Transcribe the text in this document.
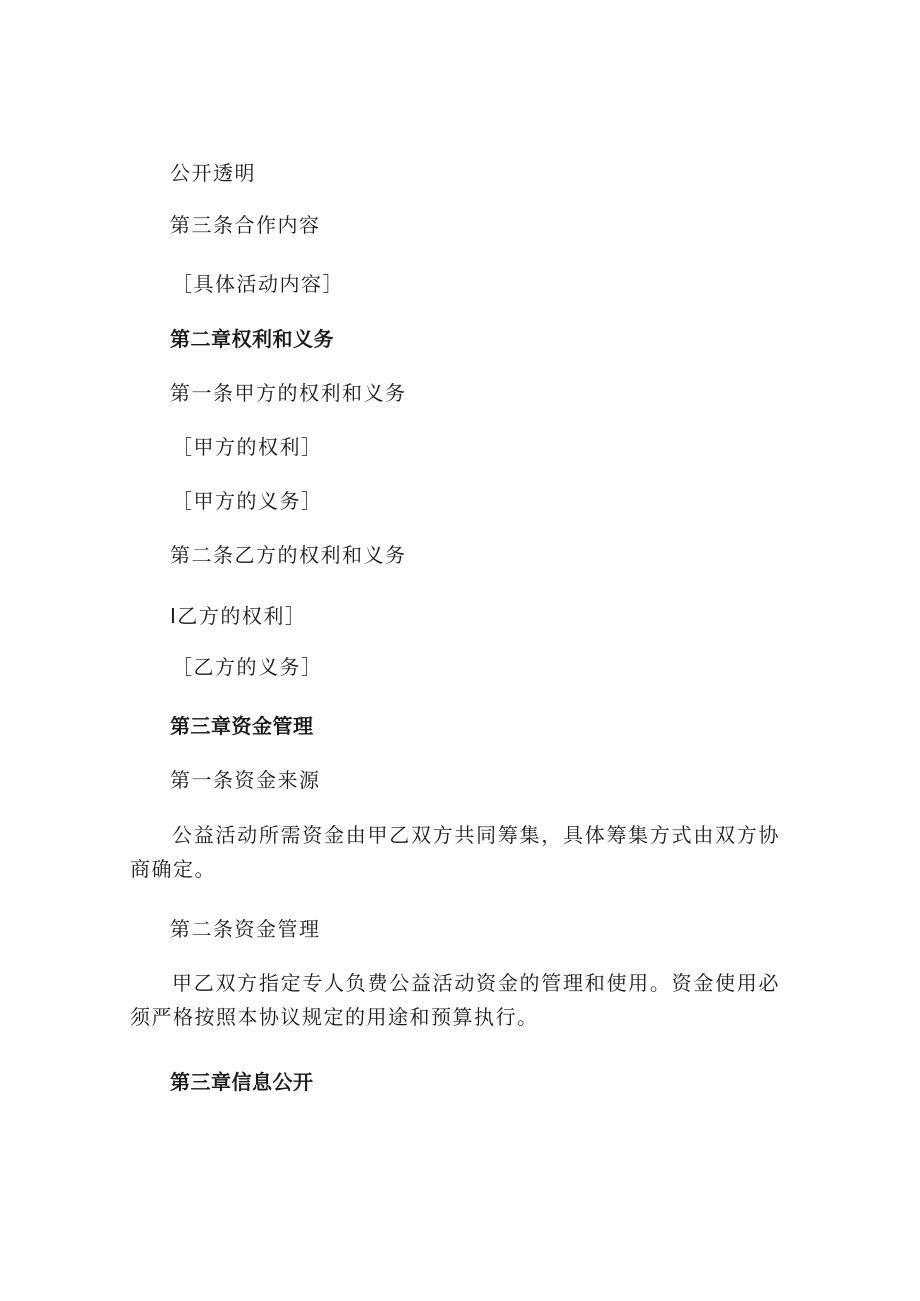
公开透明
第三条合作内容
［具体活动内容］
第二章权利和义务
第一条甲方的权利和义务
［甲方的权利］
［甲方的义务］
第二条乙方的权利和义务
I乙方的权利］
［乙方的义务］
第三章资金管理
第一条资金来源
公益活动所需资金由甲乙双方共同筹集，具体筹集方式由双方协商确定。
第二条资金管理
甲乙双方指定专人负费公益活动资金的管理和使用。资金使用必须严格按照本协议规定的用途和预算执行。
第三章信息公开
